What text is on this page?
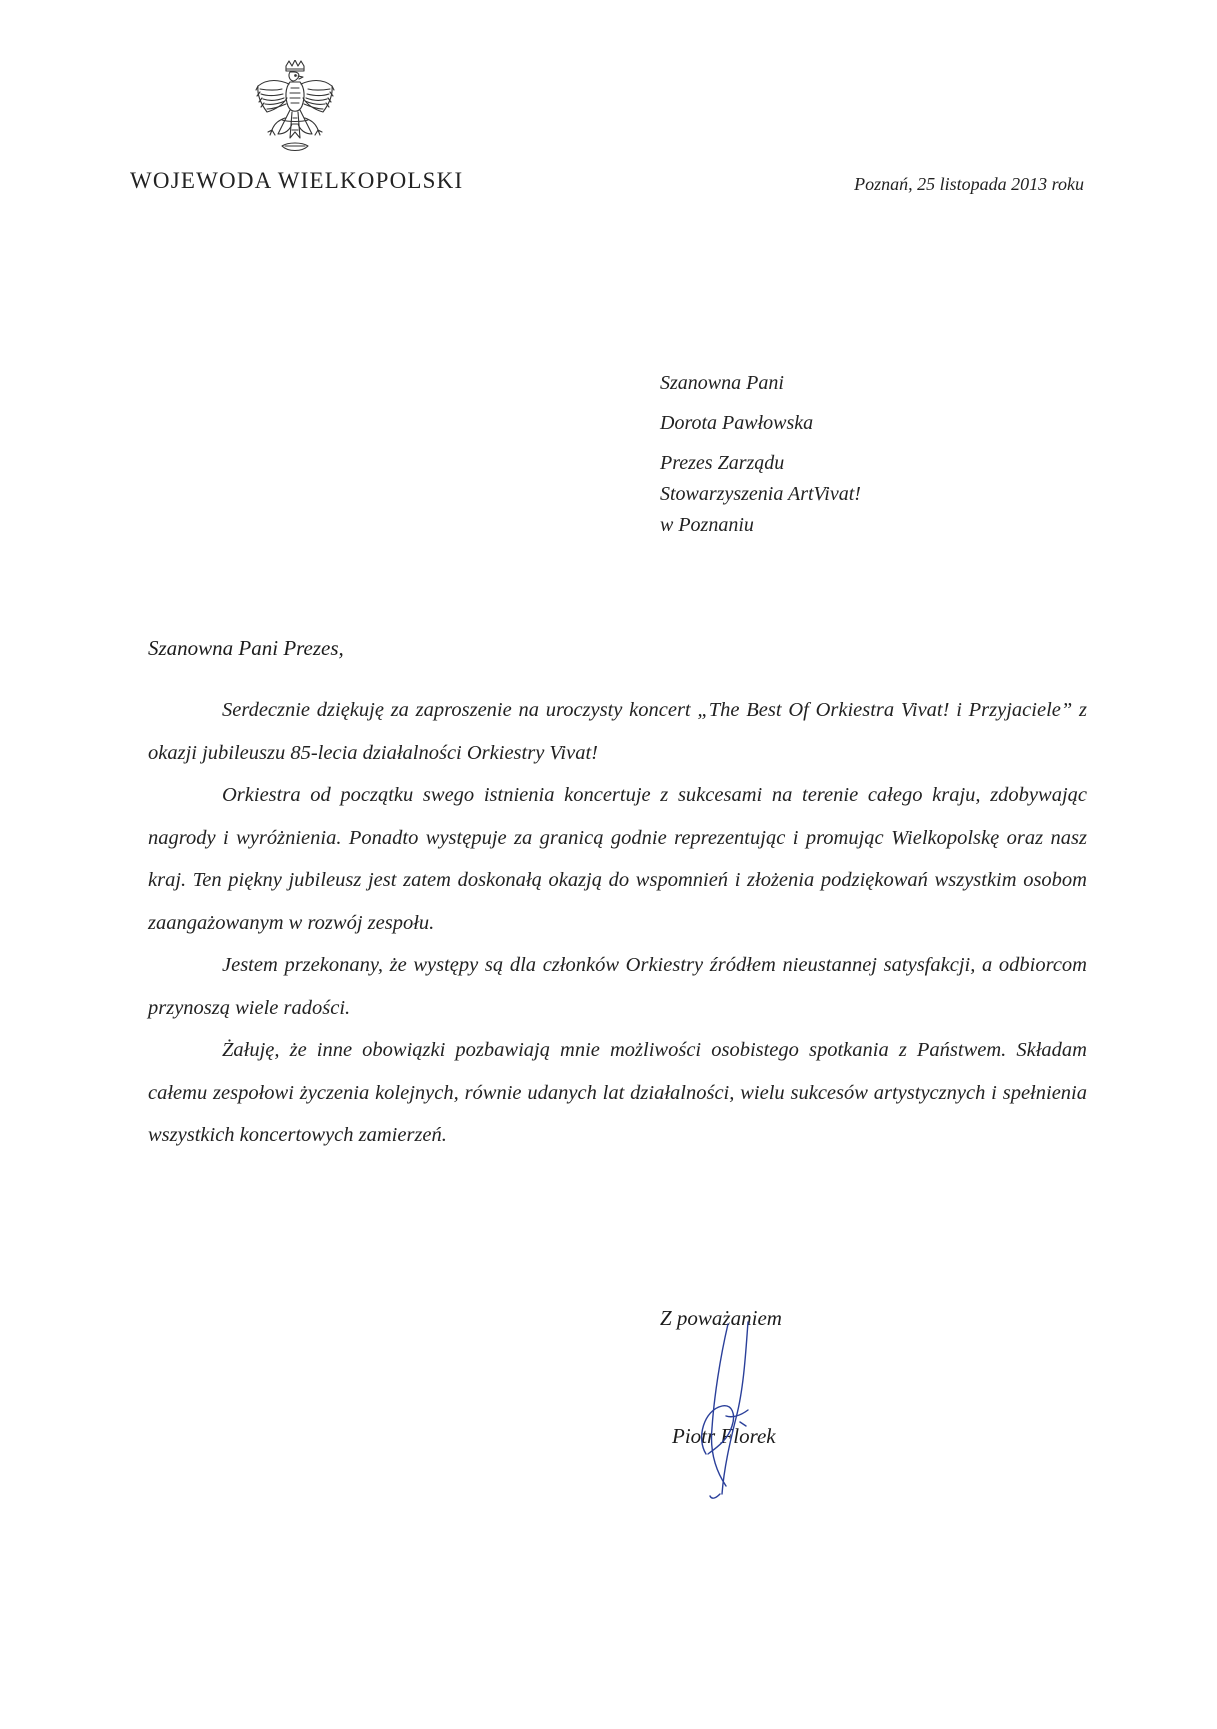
WOJEWODA WIELKOPOLSKI	Poznań, 25 listopada 2013 roku
Szanowna Pani
Dorota Pawłowska
Prezes Zarządu
Stowarzyszenia ArtVivat!
w Poznaniu
Szanowna Pani Prezes,

Serdecznie dziękuję za zaproszenie na uroczysty koncert „The Best Of Orkiestra Vivat! i Przyjaciele” z okazji jubileuszu 85-lecia działalności Orkiestry Vivat!

Orkiestra od początku swego istnienia koncertuje z sukcesami na terenie całego kraju, zdobywając nagrody i wyróżnienia. Ponadto występuje za granicą godnie reprezentując i promując Wielkopolskę oraz nasz kraj. Ten piękny jubileusz jest zatem doskonałą okazją do wspomnień i złożenia podziękowań wszystkim osobom zaangażowanym w rozwój zespołu.

Jestem przekonany, że występy są dla członków Orkiestry źródłem nieustannej satysfakcji, a odbiorcom przynoszą wiele radości.

Żałuję, że inne obowiązki pozbawiają mnie możliwości osobistego spotkania z Państwem. Składam całemu zespołowi życzenia kolejnych, równie udanych lat działalności, wielu sukcesów artystycznych i spełnienia wszystkich koncertowych zamierzeń.

Z poważaniem
Piotr Florek
